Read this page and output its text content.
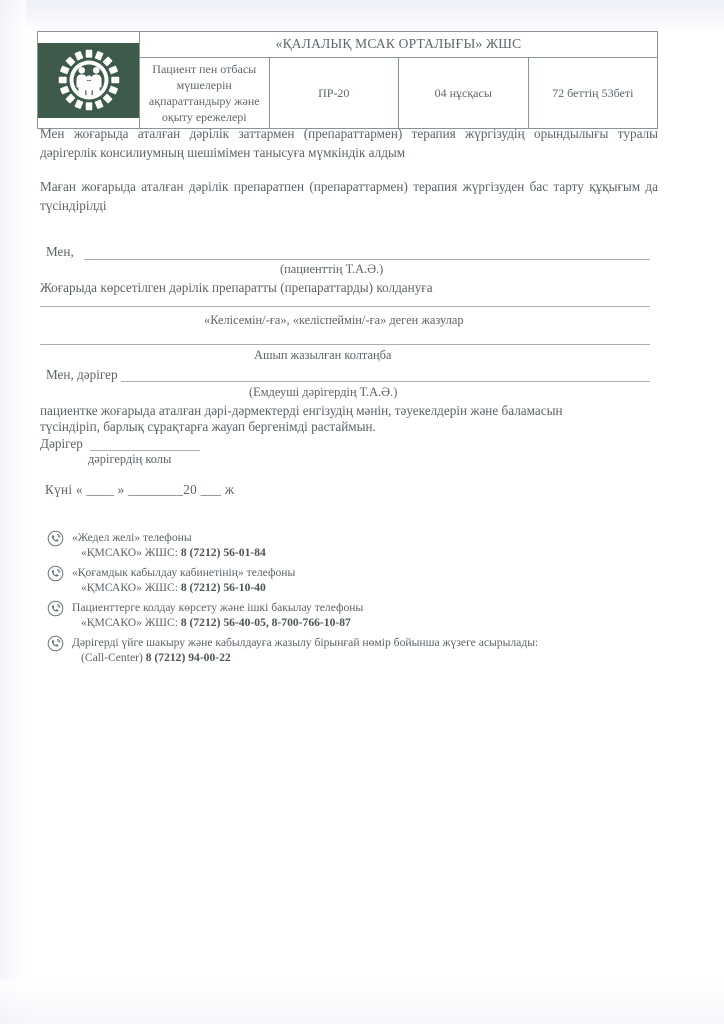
	«ҚАЛАЛЫҚ МСАК ОРТАЛЫҒЫ» ЖШС			
	Пациент пен отбасы мүшелерін ақпараттандыру және оқыту ережелері	ПР-20	04 нұсқасы	72 беттің 53беті
Мен жоғарыда аталған дәрілік заттармен (препараттармен) терапия жүргізудің орындылығы туралы дәрігерлік консилиумның шешімімен танысуға мүмкіндік алдым
Маған жоғарыда аталған дәрілік препаратпен (препараттармен) терапия жүргізуден бас тарту құқығым да түсіндірілді
Мен,
(пациенттің Т.А.Ә.)
Жоғарыда көрсетілген дәрілік препаратты (препараттарды) колдануға
«Келісемін/-ға», «келіспеймін/-ға» деген жазулар
Ашып жазылған колтаңба
Мен, дәрігер
(Емдеуші дәрігердің Т.А.Ә.)
пациентке жоғарыда аталған дәрі-дәрмектерді енгізудің мәнін, тәуекелдерін және баламасын
түсіндіріп, барлық сұрақтарға жауап бергенімді растаймын.
Дәрігер
дәрігердің колы
Күні « ____ » ________20 ___ ж
«Жедел желі» телефоны
«ҚМСАКО» ЖШС: 8 (7212) 56-01-84
«Қоғамдык кабылдау кабинетінің» телефоны
«ҚМСАКО» ЖШС: 8 (7212) 56-10-40
Пациенттерге колдау көрсету және ішкі бакылау телефоны
«ҚМСАКО» ЖШС: 8 (7212) 56-40-05, 8-700-766-10-87
Дәрігерді үйге шакыру және кабылдауға жазылу бірынғай нөмір бойынша жүзеге асырылады:
(Call-Center) 8 (7212) 94-00-22
